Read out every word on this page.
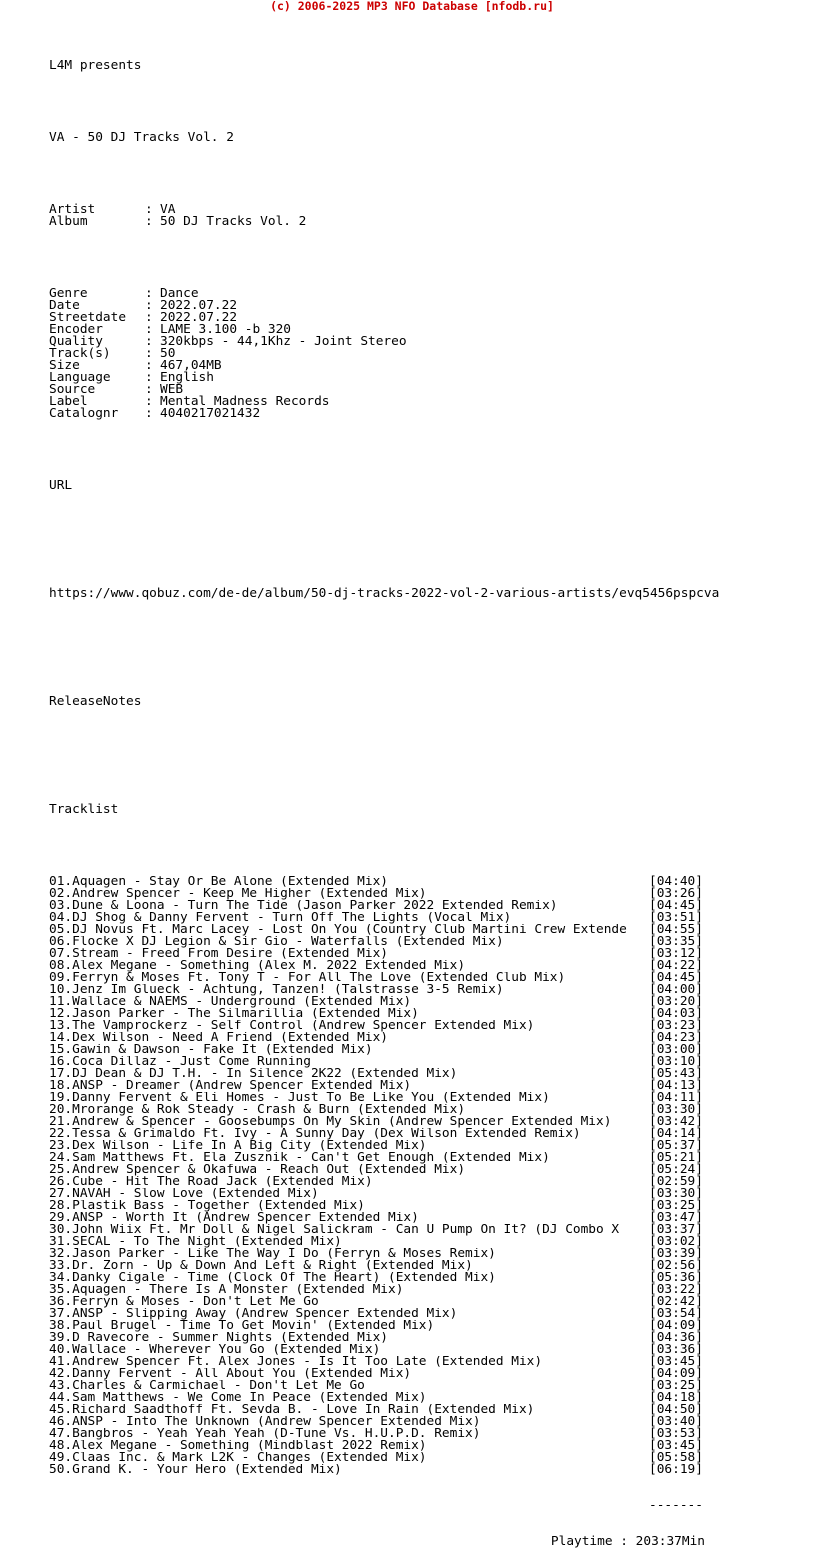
(c) 2006-2025 MP3 NFO Database [nfodb.ru]

L4M presents

VA - 50 DJ Tracks Vol. 2

Artist	: VA
Album	: 50 DJ Tracks Vol. 2

Genre	: Dance
Date	: 2022.07.22
Streetdate : 2022.07.22
Encoder	: LAME 3.100 -b 320
Quality	: 320kbps - 44,1Khz - Joint Stereo
Track(s)	: 50
Size	: 467,04MB
Language	: English
Source	: WEB
Label	: Mental Madness Records
Catalognr : 4040217021432

URL

https://www.qobuz.com/de-de/album/50-dj-tracks-2022-vol-2-various-artists/evq5456pspcva

ReleaseNotes

Tracklist

01.Aquagen - Stay Or Be Alone (Extended Mix)	[04:40]
02.Andrew Spencer - Keep Me Higher (Extended Mix)	[03:26]
03.Dune & Loona - Turn The Tide (Jason Parker 2022 Extended Remix)	[04:45]
04.DJ Shog & Danny Fervent - Turn Off The Lights (Vocal Mix)	[03:51]
05.DJ Novus Ft. Marc Lacey - Lost On You (Country Club Martini Crew Extende	[04:55]
06.Flocke X DJ Legion & Sir Gio - Waterfalls (Extended Mix)	[03:35]
07.Stream - Freed From Desire (Extended Mix)	[03:12]
08.Alex Megane - Something (Alex M. 2022 Extended Mix)	[04:22]
09.Ferryn & Moses Ft. Tony T - For All The Love (Extended Club Mix)	[04:45]
10.Jenz Im Glueck - Achtung, Tanzen! (Talstrasse 3-5 Remix)	[04:00]
11.Wallace & NAEMS - Underground (Extended Mix)	[03:20]
12.Jason Parker - The Silmarillia (Extended Mix)	[04:03]
13.The Vamprockerz - Self Control (Andrew Spencer Extended Mix)	[03:23]
14.Dex Wilson - Need A Friend (Extended Mix)	[04:23]
15.Gawin & Dawson - Fake It (Extended Mix)	[03:00]
16.Coca Dillaz - Just Come Running	[03:10]
17.DJ Dean & DJ T.H. - In Silence 2K22 (Extended Mix)	[05:43]
18.ANSP - Dreamer (Andrew Spencer Extended Mix)	[04:13]
19.Danny Fervent & Eli Homes - Just To Be Like You (Extended Mix)	[04:11]
20.Mrorange & Rok Steady - Crash & Burn (Extended Mix)	[03:30]
21.Andrew & Spencer - Goosebumps On My Skin (Andrew Spencer Extended Mix)	[03:42]
22.Tessa & Grimaldo Ft. Ivy - A Sunny Day (Dex Wilson Extended Remix)	[04:14]
23.Dex Wilson - Life In A Big City (Extended Mix)	[05:37]
24.Sam Matthews Ft. Ela Zusznik - Can't Get Enough (Extended Mix)	[05:21]
25.Andrew Spencer & Okafuwa - Reach Out (Extended Mix)	[05:24]
26.Cube - Hit The Road Jack (Extended Mix)	[02:59]
27.NAVAH - Slow Love (Extended Mix)	[03:30]
28.Plastik Bass - Together (Extended Mix)	[03:25]
29.ANSP - Worth It (Andrew Spencer Extended Mix)	[03:47]
30.John Wiix Ft. Mr Doll & Nigel Salickram - Can U Pump On It? (DJ Combo X	[03:37]
31.SECAL - To The Night (Extended Mix)	[03:02]
32.Jason Parker - Like The Way I Do (Ferryn & Moses Remix)	[03:39]
33.Dr. Zorn - Up & Down And Left & Right (Extended Mix)	[02:56]
34.Danky Cigale - Time (Clock Of The Heart) (Extended Mix)	[05:36]
35.Aquagen - There Is A Monster (Extended Mix)	[03:22]
36.Ferryn & Moses - Don't Let Me Go	[02:42]
37.ANSP - Slipping Away (Andrew Spencer Extended Mix)	[03:54]
38.Paul Brugel - Time To Get Movin' (Extended Mix)	[04:09]
39.D Ravecore - Summer Nights (Extended Mix)	[04:36]
40.Wallace - Wherever You Go (Extended Mix)	[03:36]
41.Andrew Spencer Ft. Alex Jones - Is It Too Late (Extended Mix)	[03:45]
42.Danny Fervent - All About You (Extended Mix)	[04:09]
43.Charles & Carmichael - Don't Let Me Go	[03:25]
44.Sam Matthews - We Come In Peace (Extended Mix)	[04:18]
45.Richard Saadthoff Ft. Sevda B. - Love In Rain (Extended Mix)	[04:50]
46.ANSP - Into The Unknown (Andrew Spencer Extended Mix)	[03:40]
47.Bangbros - Yeah Yeah Yeah (D-Tune Vs. H.U.P.D. Remix)	[03:53]
48.Alex Megane - Something (Mindblast 2022 Remix)	[03:45]
49.Claas Inc. & Mark L2K - Changes (Extended Mix)	[05:58]
50.Grand K. - Your Hero (Extended Mix)	[06:19]

-------

Playtime : 203:37Min
